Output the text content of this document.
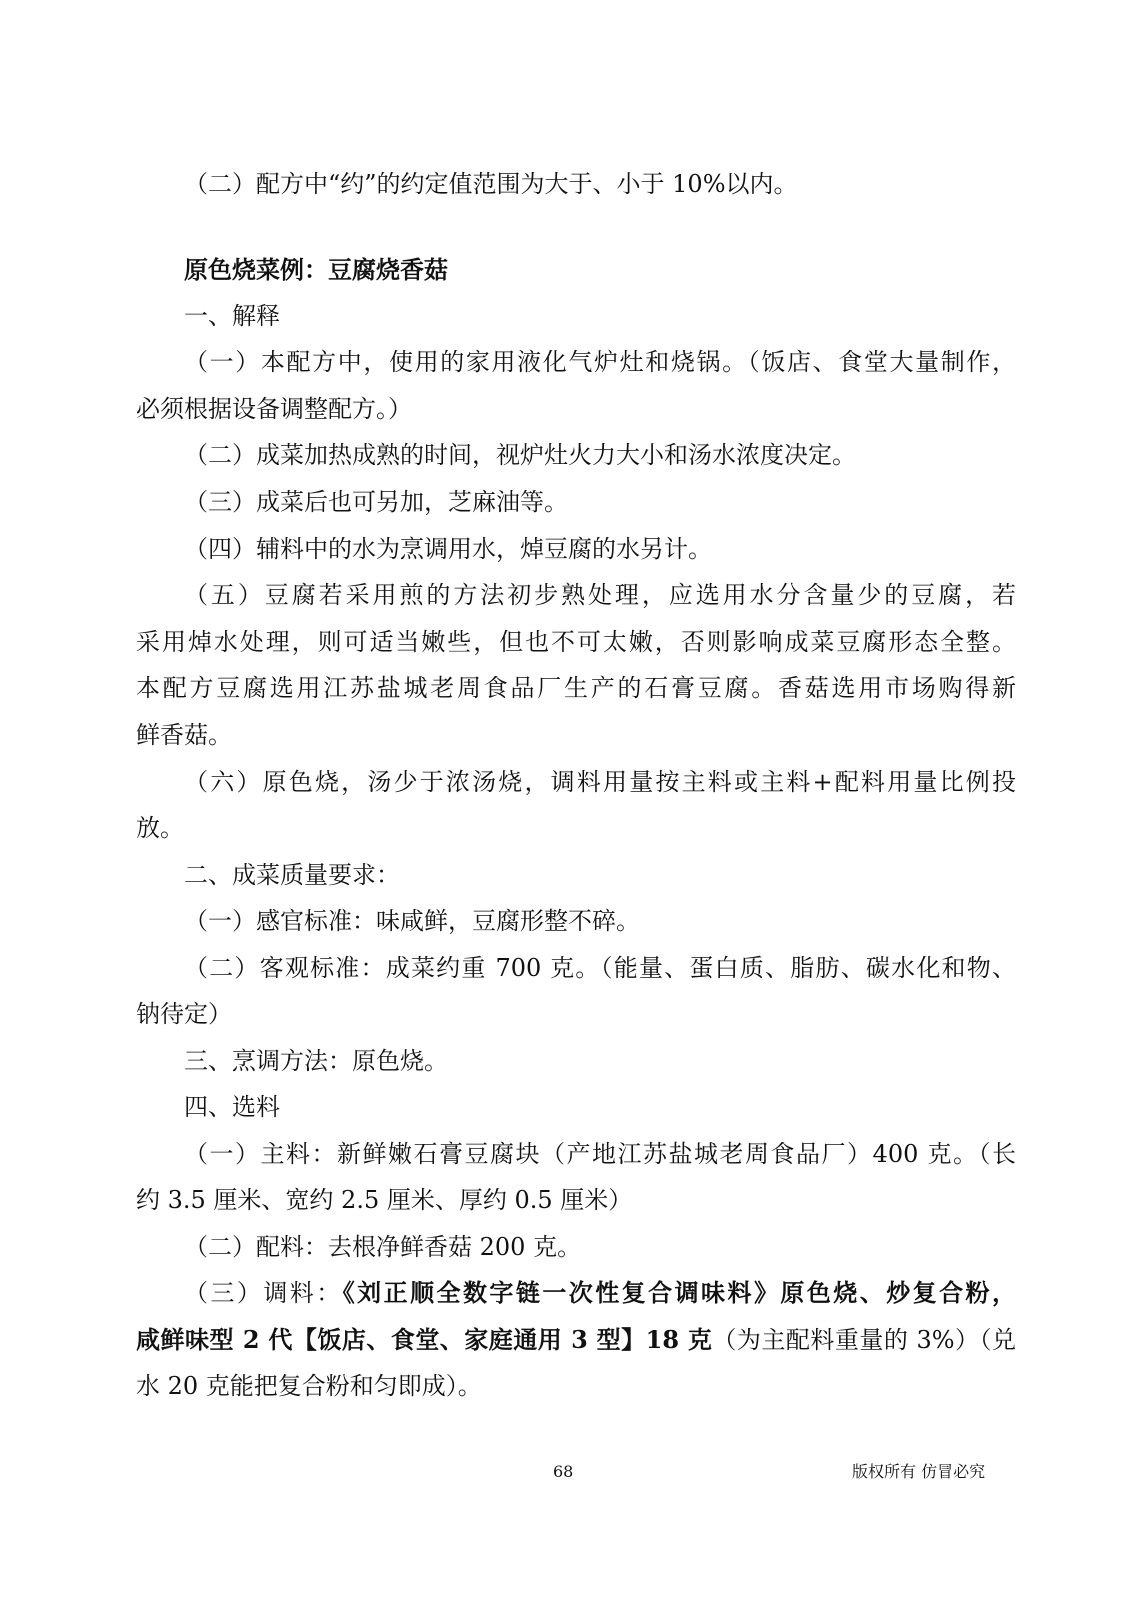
（二）配方中“约”的约定值范围为大于、小于 10%以内。
原色烧菜例：豆腐烧香菇
一、解释
（一）本配方中，使用的家用液化气炉灶和烧锅。（饭店、食堂大量制作，
必须根据设备调整配方。）
（二）成菜加热成熟的时间，视炉灶火力大小和汤水浓度决定。
（三）成菜后也可另加，芝麻油等。
（四）辅料中的水为烹调用水，焯豆腐的水另计。
（五）豆腐若采用煎的方法初步熟处理，应选用水分含量少的豆腐，若
采用焯水处理，则可适当嫩些，但也不可太嫩，否则影响成菜豆腐形态全整。
本配方豆腐选用江苏盐城老周食品厂生产的石膏豆腐。香菇选用市场购得新
鲜香菇。
（六）原色烧，汤少于浓汤烧，调料用量按主料或主料+配料用量比例投
放。
二、成菜质量要求：
（一）感官标准：味咸鲜，豆腐形整不碎。
（二）客观标准：成菜约重 700 克。（能量、蛋白质、脂肪、碳水化和物、
钠待定）
三、烹调方法：原色烧。
四、选料
（一）主料：新鲜嫩石膏豆腐块（产地江苏盐城老周食品厂）400 克。（长
约 3.5 厘米、宽约 2.5 厘米、厚约 0.5 厘米）
（二）配料：去根净鲜香菇 200 克。
（三）调料：《刘正顺全数字链一次性复合调味料》原色烧、炒复合粉，
咸鲜味型 2 代【饭店、食堂、家庭通用 3 型】18 克（为主配料重量的 3%）（兑
水 20 克能把复合粉和匀即成）。
68	版权所有 仿冒必究
